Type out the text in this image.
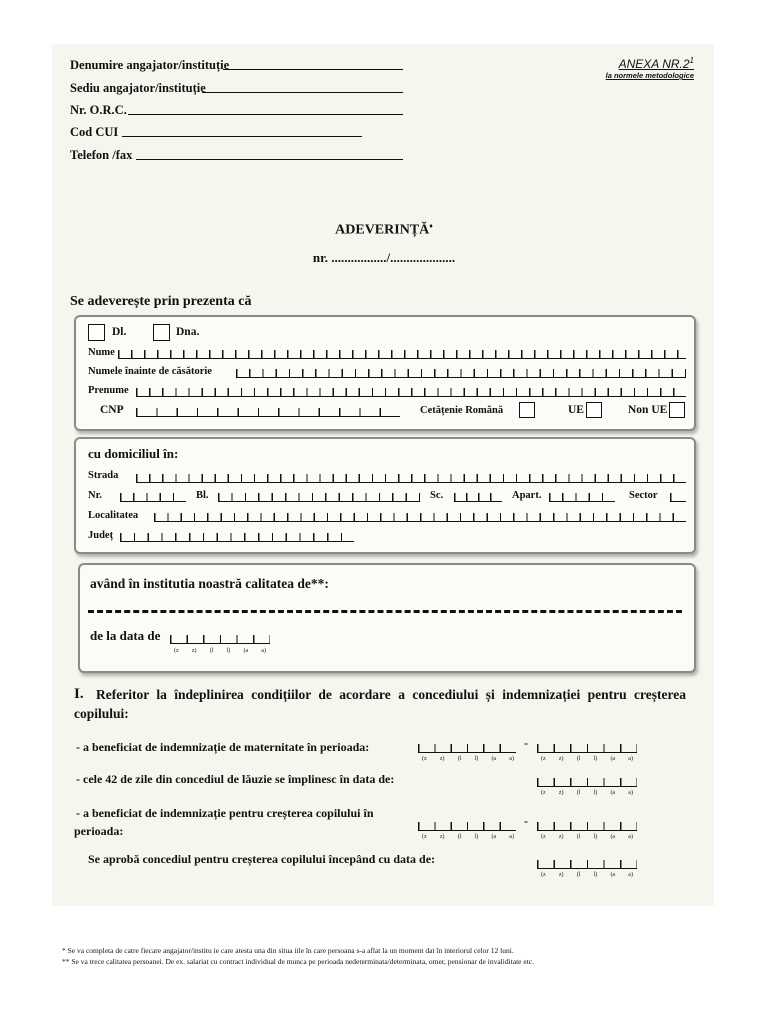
Denumire angajator/instituție
Sediu angajator/instituție
Nr. O.R.C.
Cod CUI
Telefon /fax
ANEXA $NR.2^1$
la normele metodologice
ADEVERINȚĂ♦
nr. ................./....................
Se adeverește prin prezenta că
Dl.	Dna.
Nume
Numele înainte de căsătorie
Prenume
CNP	Cetățenie Română	UE	Non UE
cu domiciliul în:
Strada
Nr.	Bl.	Sc.	Apart.	Sector
Localitatea
Județ
având în institutia noastră calitatea de**:
de la data de
(z z) (l l) (a a)
I. Referitor la îndeplinirea condițiilor de acordare a concediului și indemnizației pentru creșterea
copilului:
- a beneficiat de indemnizație de maternitate în perioada:	-
(z z) (l l) (a a)	(z z) (l l) (a a)
- cele 42 de zile din concediul de lăuzie se împlinesc în data de:
(z z) (l l) (a a)
- a beneficiat de indemnizație pentru creșterea copilului în
perioada:
-
(z z) (l l) (a a)	(z z) (l l) (a a)
Se aprobă concediul pentru creșterea copilului începând cu data de:
(z z) (l l) (a a)
* Se va completa de catre fiecare angajator/institu ie care atesta una din situa iile în care persoana s-a aflat la un moment dat în interiorul celor 12 luni.
** Se va trece calitatea persoanei. De ex. salariat cu contract individual de munca pe perioada nedeterminata/determinata, omer, pensionar de invaliditate etc.
